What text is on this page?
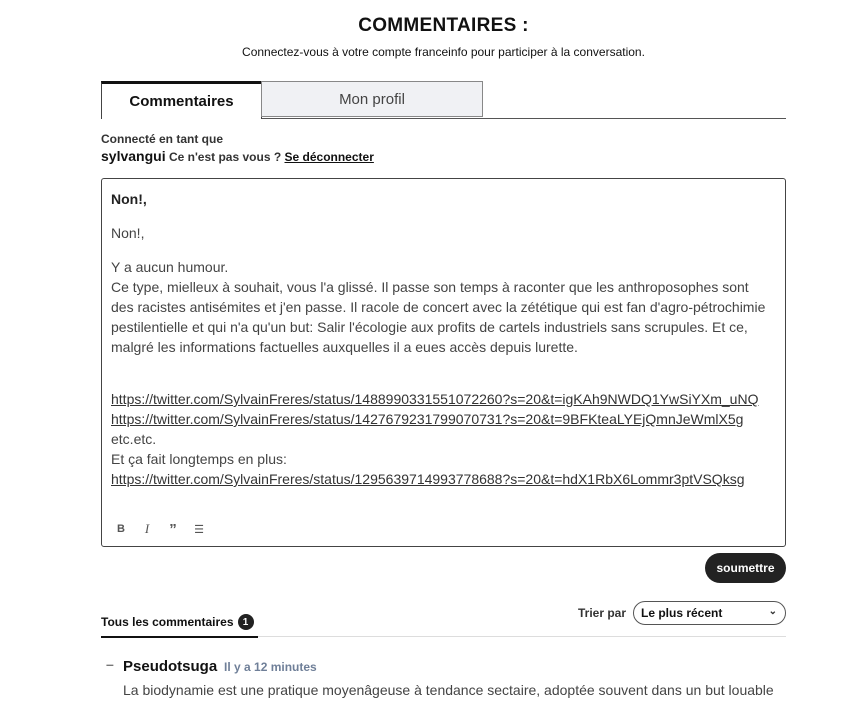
COMMENTAIRES :
Connectez-vous à votre compte franceinfo pour participer à la conversation.
Commentaires	Mon profil
Connecté en tant que
sylvangui Ce n'est pas vous ? Se déconnecter

Non!,

Non!,

Y a aucun humour.

Ce type, mielleux à souhait, vous l'a glissé. Il passe son temps à raconter que les anthroposophes sont des racistes antisémites et j'en passe. Il racole de concert avec la zététique qui est fan d'agro-pétrochimie pestilentielle et qui n'a qu'un but: Salir l'écologie aux profits de cartels industriels sans scrupules. Et ce, malgré les informations factuelles auxquelles il a eues accès depuis lurette.

https://twitter.com/SylvainFreres/status/1488990331551072260?s=20&t=igKAh9NWDQ1YwSiYXm_uNQ

https://twitter.com/SylvainFreres/status/1427679231799070731?s=20&t=9BFKteaLYEjQmnJeWmlX5g

etc.etc.

Et ça fait longtemps en plus:

https://twitter.com/SylvainFreres/status/1295639714993778688?s=20&t=hdX1RbX6Lommr3ptVSQksg

B	I	” ☰
soumettre
Tous les commentaires 1
Trier par Le plus récent	⌄
– Pseudotsuga Il y a 12 minutes
La biodynamie est une pratique moyenâgeuse à tendance sectaire, adoptée souvent dans un but louable
